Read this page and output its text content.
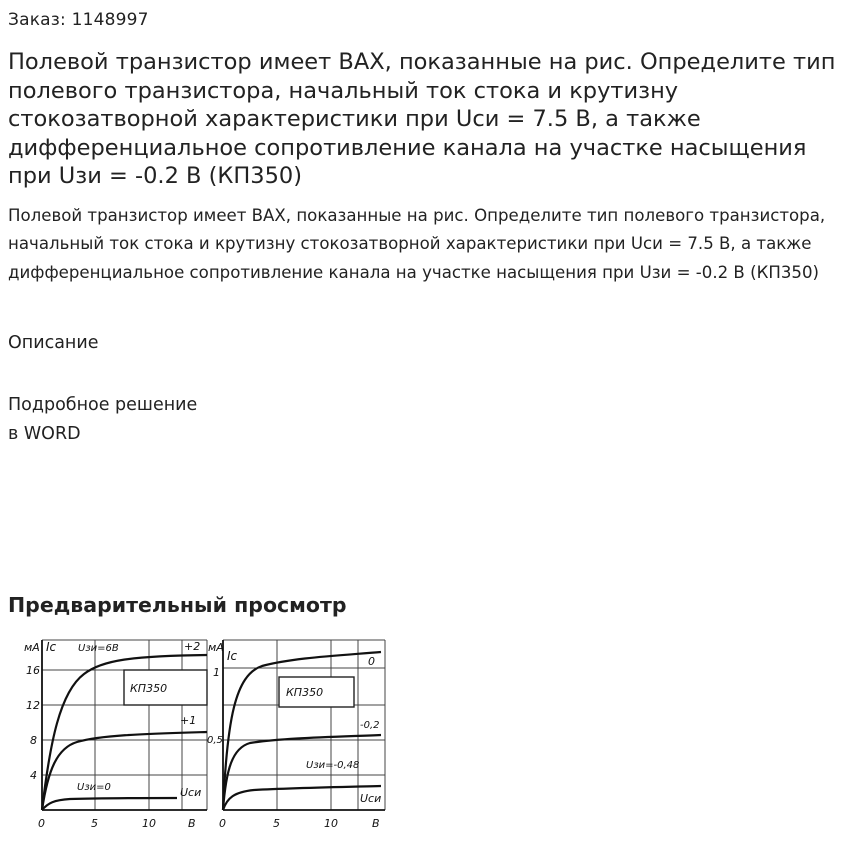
Заказ: 1148997
Полевой транзистор имеет ВАХ, показанные на рис. Определите тип полевого транзистора, начальный ток стока и крутизну стокозатворной характеристики при Uси = 7.5 В, а также дифференциальное сопротивление канала на участке насыщения при Uзи = -0.2 В (КП350)

Полевой транзистор имеет ВАХ, показанные на рис. Определите тип полевого транзистора, начальный ток стока и крутизну стокозатворной характеристики при Uси = 7.5 В, а также дифференциальное сопротивление канала на участке насыщения при Uзи = -0.2 В (КП350)

Описание
Подробное решение
в WORD
Предварительный просмотр
мА Ic Uзи=6В	+2
КП350
+1
Uзи=0	Uси
16
12
8
4
0	5	10	В
мА
Ic	0
КП350
-0,2
Uзи=-0,48
Uси
1
0,5
0	5	10	В
